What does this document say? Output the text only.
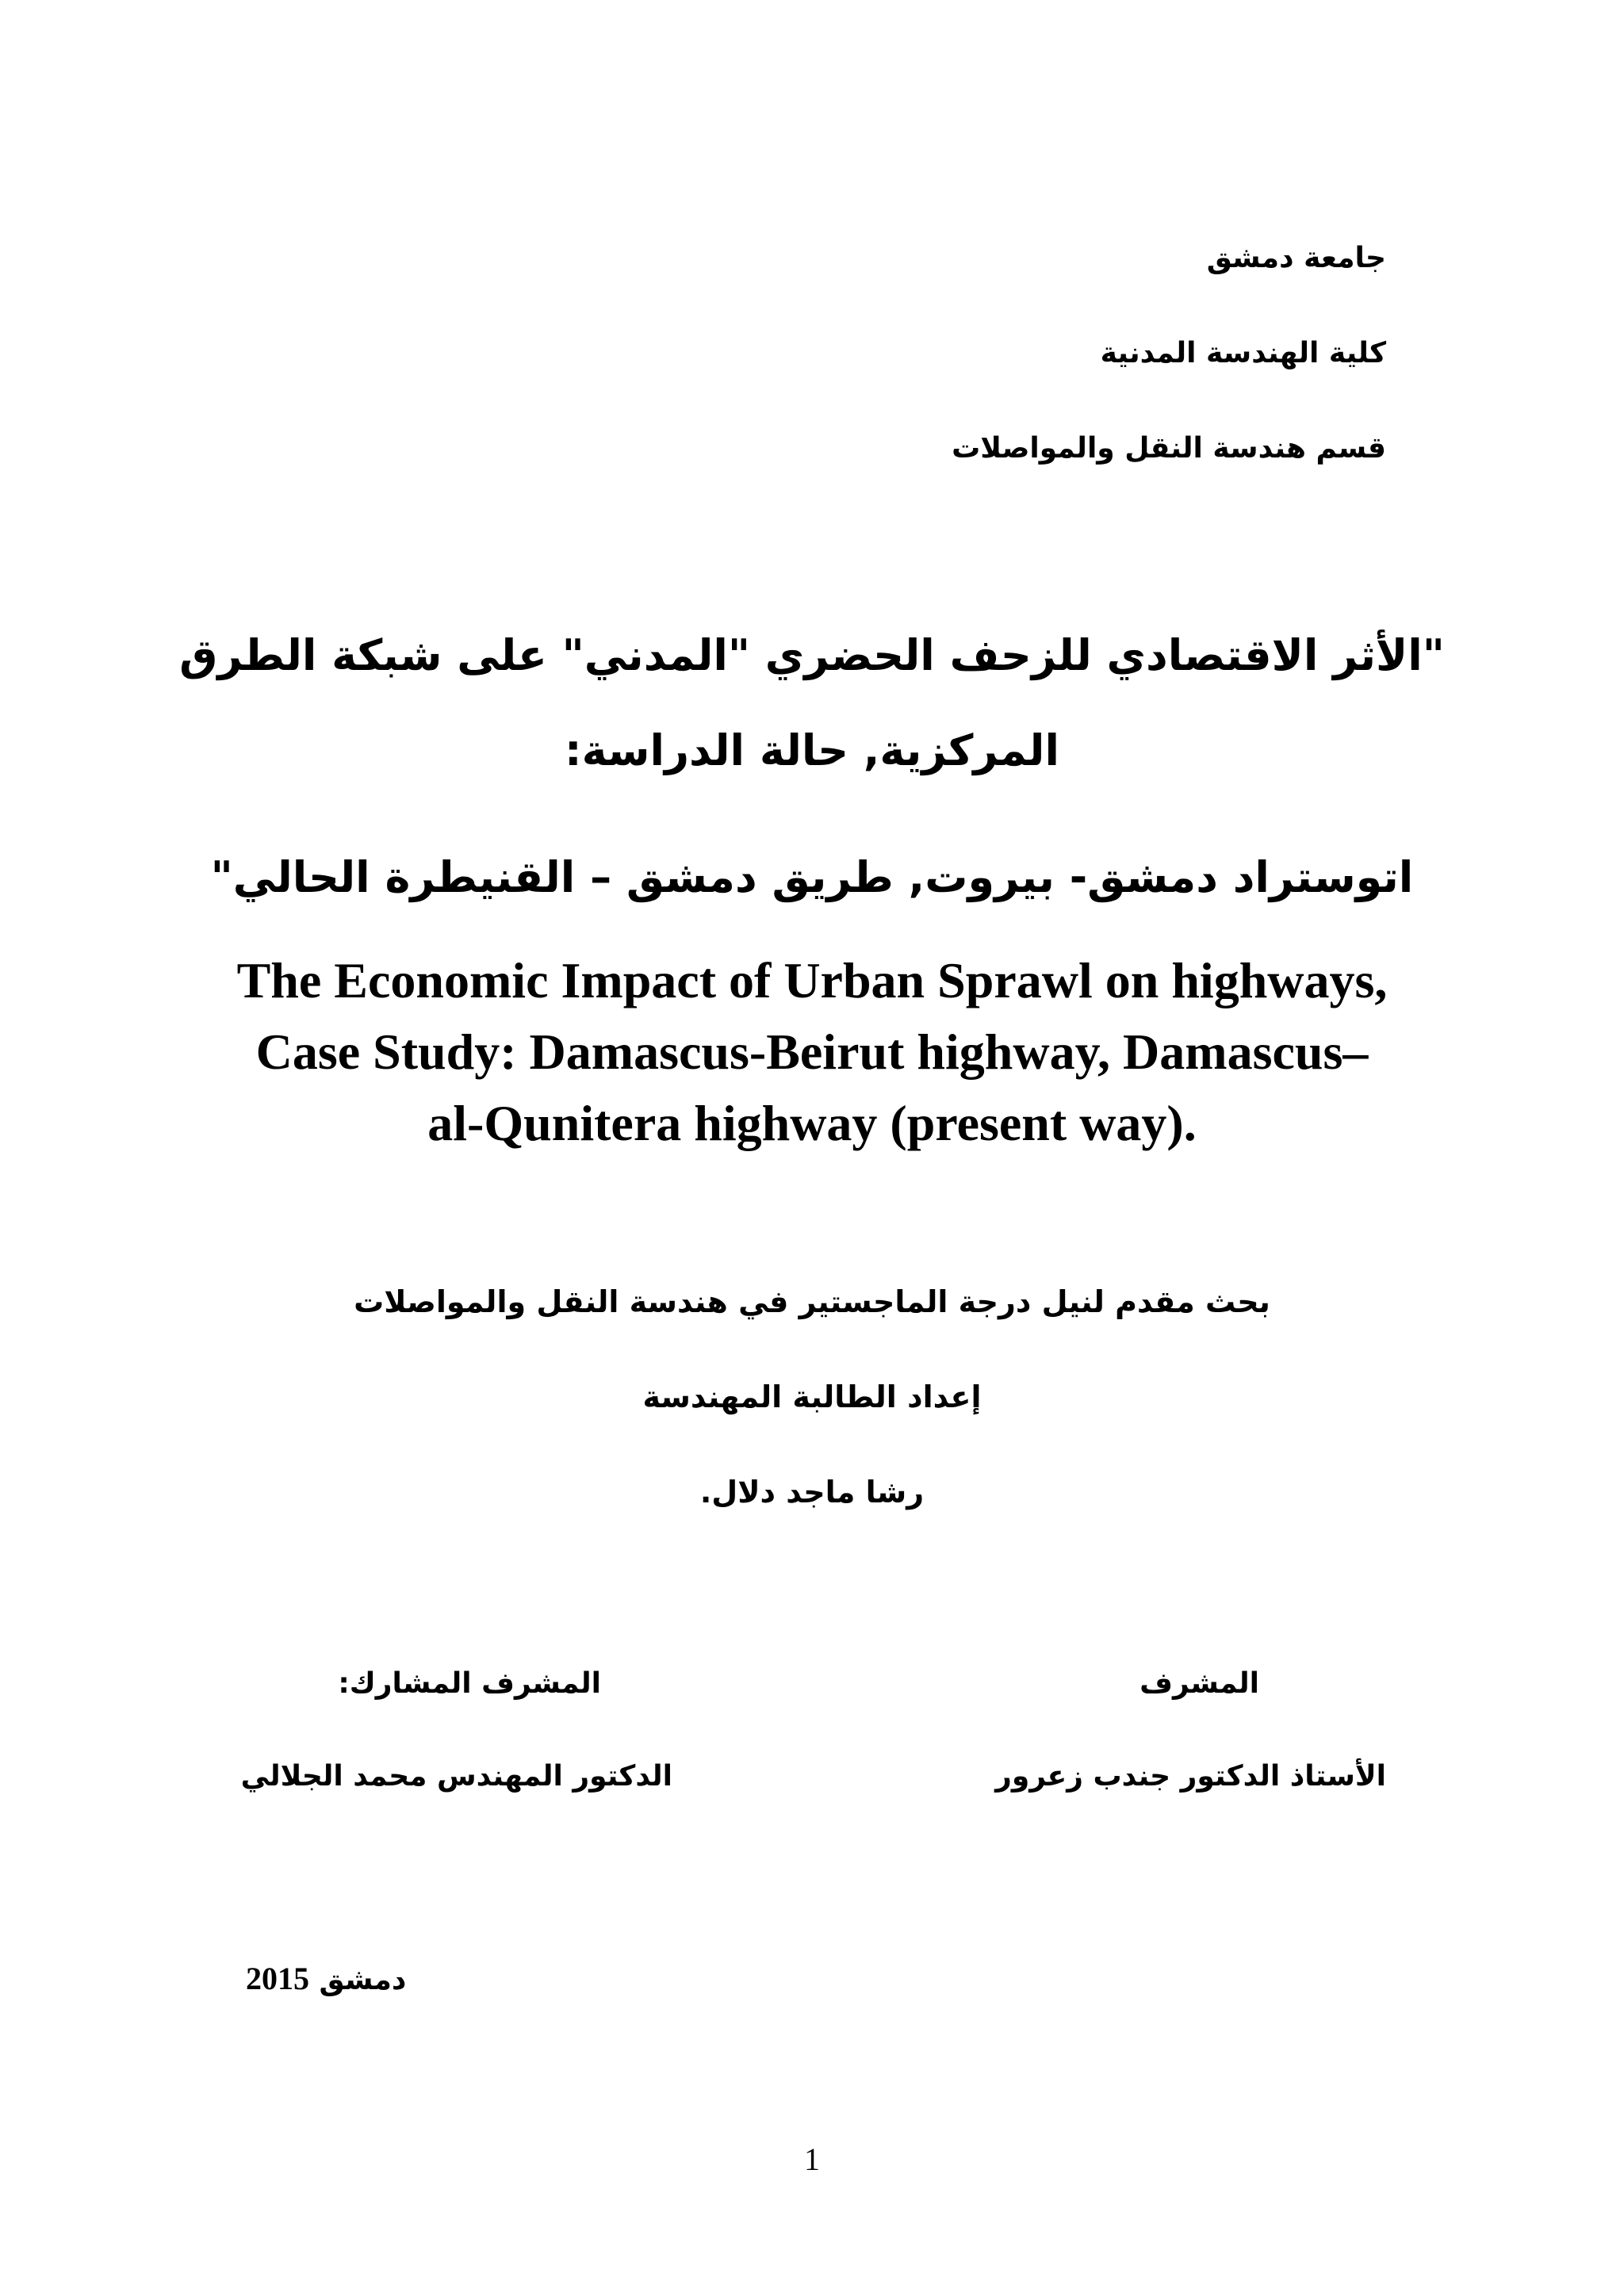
جامعة دمشق
كلية الهندسة المدنية
قسم هندسة النقل والمواصلات
"الأثر الاقتصادي للزحف الحضري "المدني" على شبكة الطرق
المركزية, حالة الدراسة:
اتوستراد دمشق- بيروت, طريق دمشق – القنيطرة الحالي"
The Economic Impact of Urban Sprawl on highways,
Case Study: Damascus-Beirut highway, Damascus–
al-Qunitera highway (present way).
بحث مقدم لنيل درجة الماجستير في هندسة النقل والمواصلات
إعداد الطالبة المهندسة
رشا ماجد دلال.
المشرف
المشرف المشارك:
الأستاذ الدكتور جندب زعرور
الدكتور المهندس محمد الجلالي
دمشق 2015
1
